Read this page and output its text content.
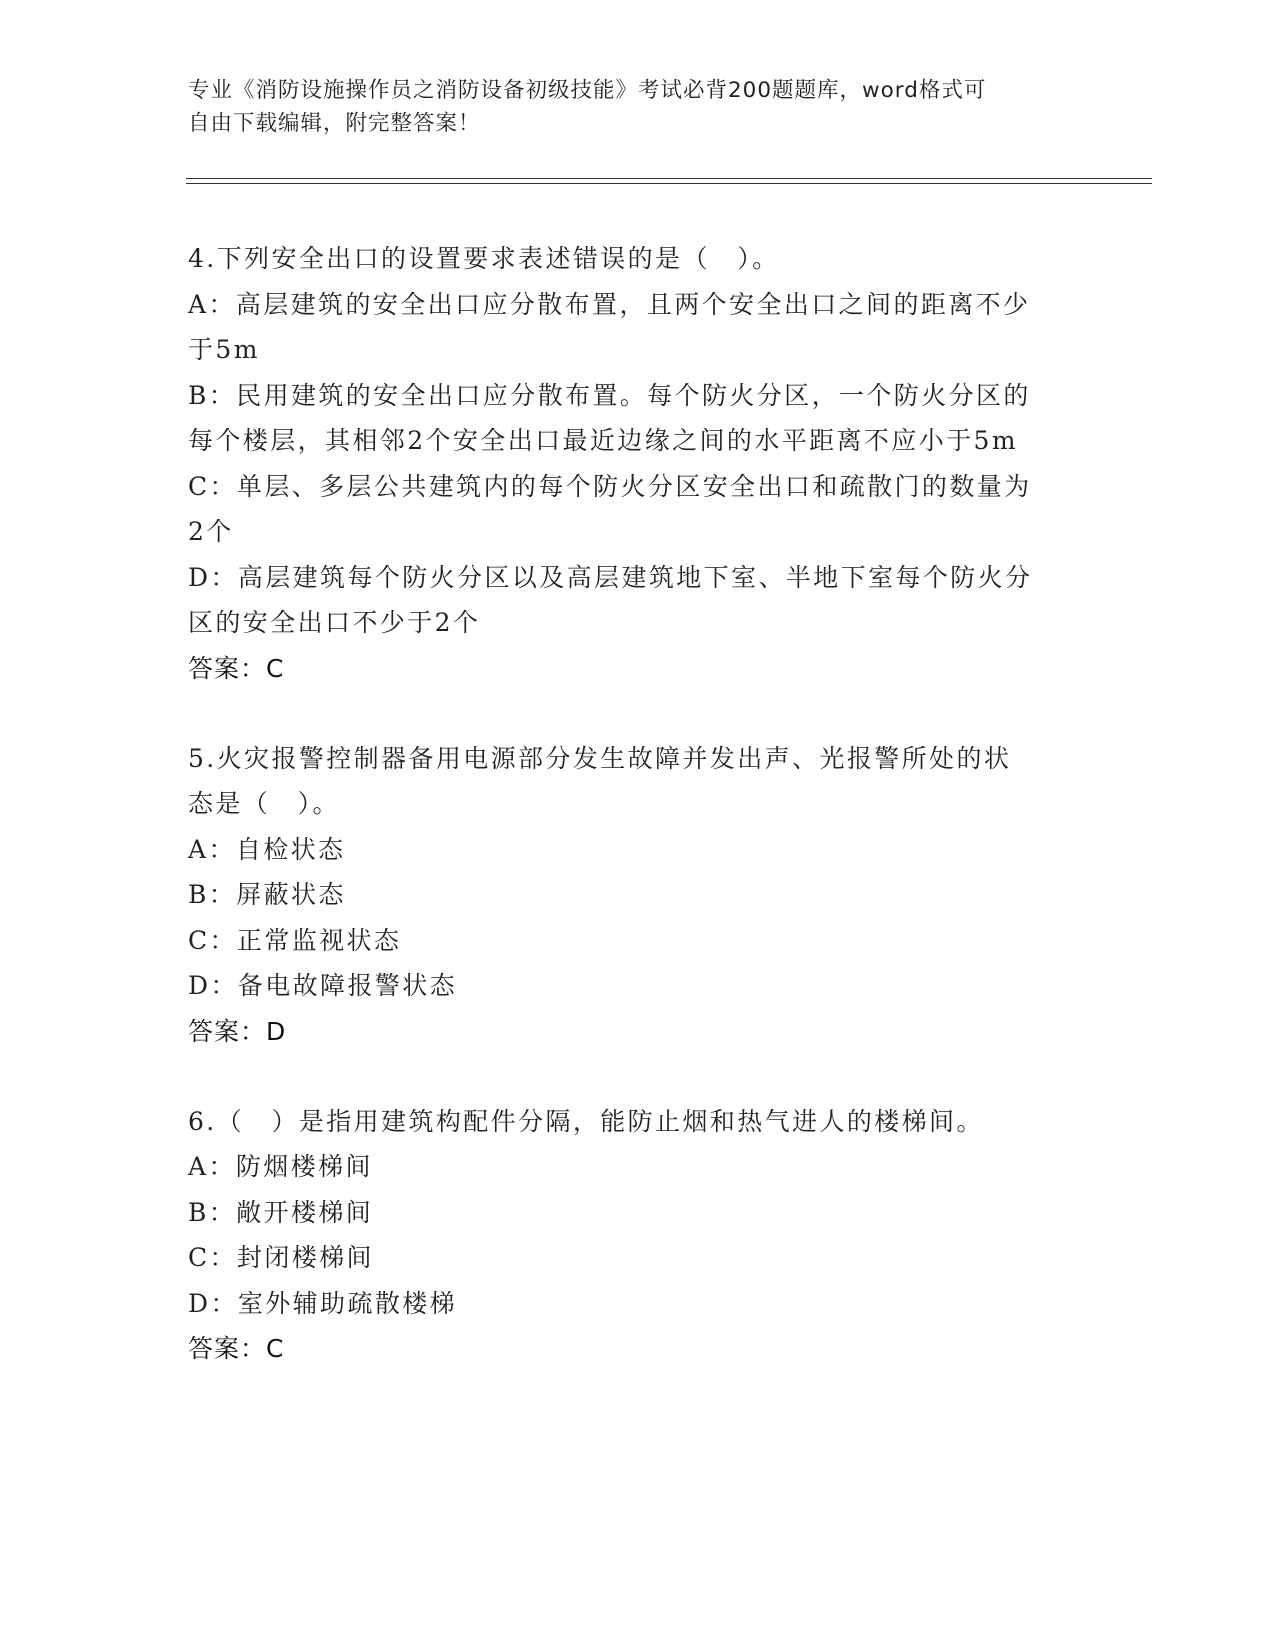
专业《消防设施操作员之消防设备初级技能》考试必背200题题库，word格式可
自由下载编辑，附完整答案！
4.下列安全出口的设置要求表述错误的是（　）。
A：高层建筑的安全出口应分散布置，且两个安全出口之间的距离不少
于5m
B：民用建筑的安全出口应分散布置。每个防火分区，一个防火分区的
每个楼层，其相邻2个安全出口最近边缘之间的水平距离不应小于5m
C：单层、多层公共建筑内的每个防火分区安全出口和疏散门的数量为
2个
D：高层建筑每个防火分区以及高层建筑地下室、半地下室每个防火分
区的安全出口不少于2个
答案：C
5.火灾报警控制器备用电源部分发生故障并发出声、光报警所处的状
态是（　）。
A：自检状态
B：屏蔽状态
C：正常监视状态
D：备电故障报警状态
答案：D
6.（　）是指用建筑构配件分隔，能防止烟和热气进人的楼梯间。
A：防烟楼梯间
B：敞开楼梯间
C：封闭楼梯间
D：室外辅助疏散楼梯
答案：C
